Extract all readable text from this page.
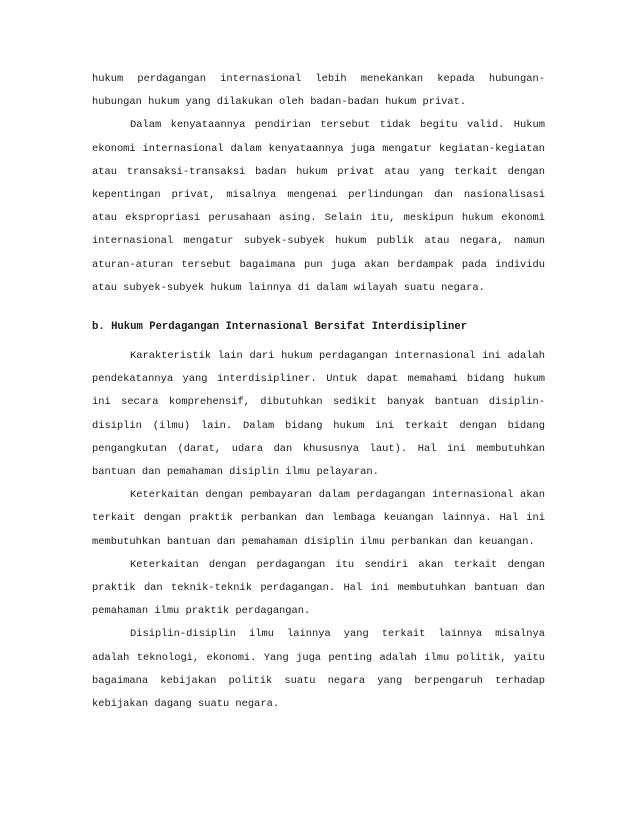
hukum perdagangan internasional lebih menekankan kepada hubungan-hubungan hukum yang dilakukan oleh badan-badan hukum privat.

Dalam kenyataannya pendirian tersebut tidak begitu valid. Hukum ekonomi internasional dalam kenyataannya juga mengatur kegiatan-kegiatan atau transaksi-transaksi badan hukum privat atau yang terkait dengan kepentingan privat, misalnya mengenai perlindungan dan nasionalisasi atau ekspropriasi perusahaan asing. Selain itu, meskipun hukum ekonomi internasional mengatur subyek-subyek hukum publik atau negara, namun aturan-aturan tersebut bagaimana pun juga akan berdampak pada individu atau subyek-subyek hukum lainnya di dalam wilayah suatu negara.

b. Hukum Perdagangan Internasional Bersifat Interdisipliner

Karakteristik lain dari hukum perdagangan internasional ini adalah pendekatannya yang interdisipliner. Untuk dapat memahami bidang hukum ini secara komprehensif, dibutuhkan sedikit banyak bantuan disiplin-disiplin (ilmu) lain. Dalam bidang hukum ini terkait dengan bidang pengangkutan (darat, udara dan khususnya laut). Hal ini membutuhkan bantuan dan pemahaman disiplin ilmu pelayaran.

Keterkaitan dengan pembayaran dalam perdagangan internasional akan terkait dengan praktik perbankan dan lembaga keuangan lainnya. Hal ini membutuhkan bantuan dan pemahaman disiplin ilmu perbankan dan keuangan.

Keterkaitan dengan perdagangan itu sendiri akan terkait dengan praktik dan teknik-teknik perdagangan. Hal ini membutuhkan bantuan dan pemahaman ilmu praktik perdagangan.

Disiplin-disiplin ilmu lainnya yang terkait lainnya misalnya adalah teknologi, ekonomi. Yang juga penting adalah ilmu politik, yaitu bagaimana kebijakan politik suatu negara yang berpengaruh terhadap kebijakan dagang suatu negara.
